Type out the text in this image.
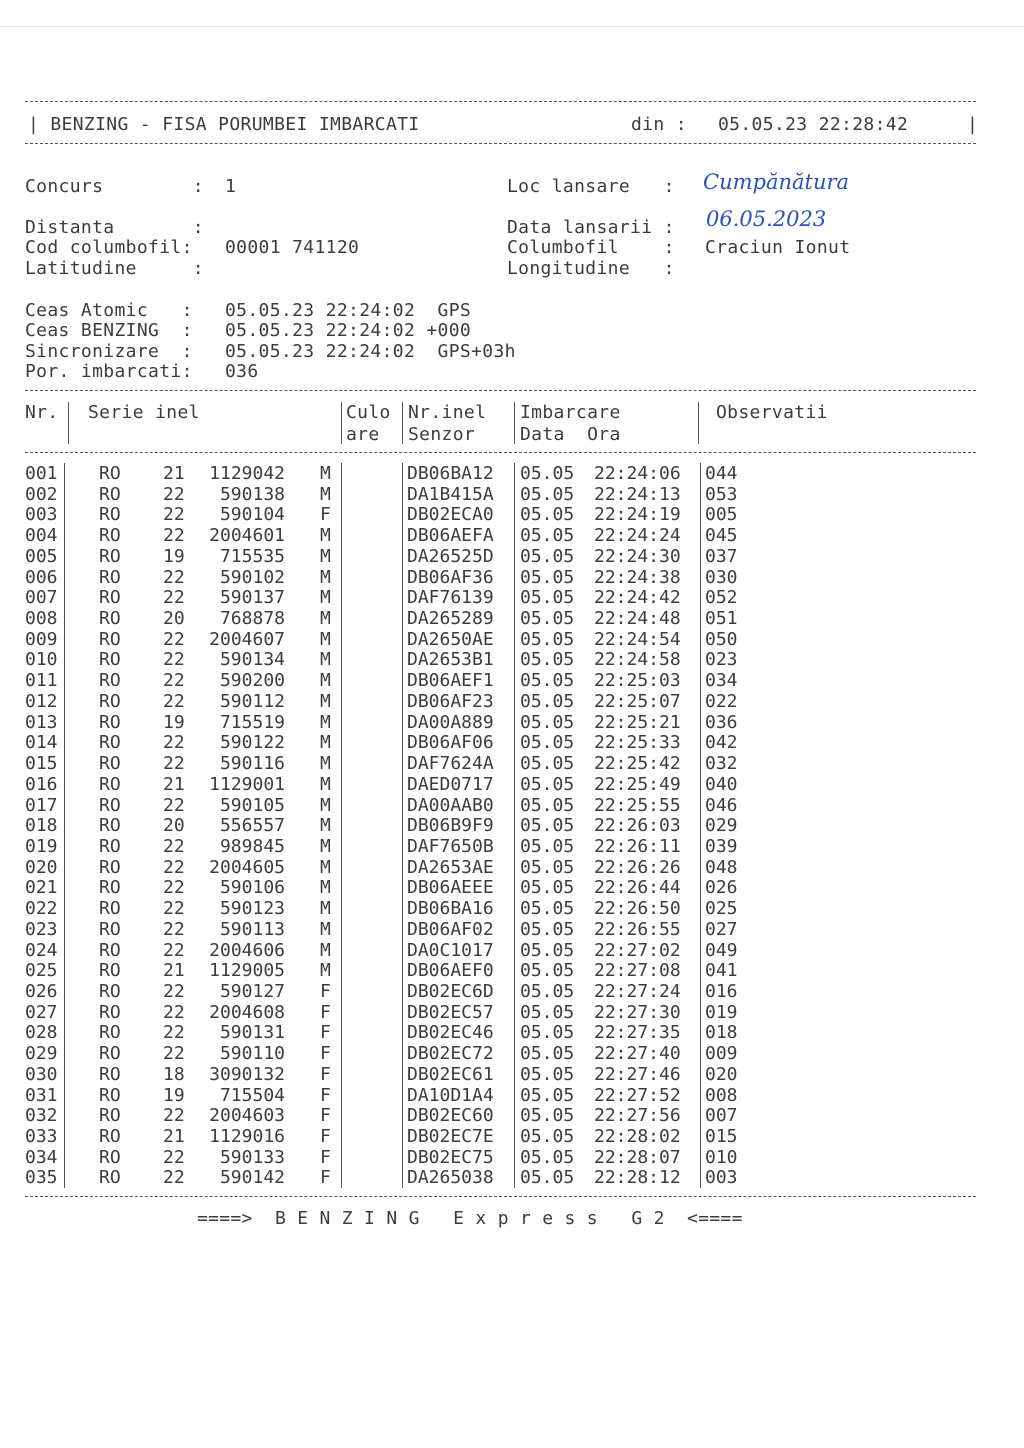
| BENZING - FISA PORUMBEI IMBARCATI	din : 05.05.23 22:28:42	|
Concurs        : 1	Loc lansare   : Cumpănătura
Distanta       :	Data lansarii : 06.05.2023
Cod columbofil: 00001 741120	Columbofil    : Craciun Ionut
Latitudine     :	Longitudine   :
Ceas Atomic   : 05.05.23 22:24:02  GPS
Ceas BENZING  : 05.05.23 22:24:02 +000
Sincronizare  : 05.05.23 22:24:02  GPS+03h
Por. imbarcati: 036
Nr. Serie inel	Culo
are
Nr.inel
Senzor
Imbarcare
Data  Ora
Observatii
001 RO 21	1129042 M	DB06BA12 05.05 22:24:06 044
002 RO 22	590138 M	DA1B415A 05.05 22:24:13 053
003 RO 22	590104 F	DB02ECA0 05.05 22:24:19 005
004 RO 22	2004601 M	DB06AEFA 05.05 22:24:24 045
005 RO 19	715535 M	DA26525D 05.05 22:24:30 037
006 RO 22	590102 M	DB06AF36 05.05 22:24:38 030
007 RO 22	590137 M	DAF76139 05.05 22:24:42 052
008 RO 20	768878 M	DA265289 05.05 22:24:48 051
009 RO 22	2004607 M	DA2650AE 05.05 22:24:54 050
010 RO 22	590134 M	DA2653B1 05.05 22:24:58 023
011 RO 22	590200 M	DB06AEF1 05.05 22:25:03 034
012 RO 22	590112 M	DB06AF23 05.05 22:25:07 022
013 RO 19	715519 M	DA00A889 05.05 22:25:21 036
014 RO 22	590122 M	DB06AF06 05.05 22:25:33 042
015 RO 22	590116 M	DAF7624A 05.05 22:25:42 032
016 RO 21	1129001 M	DAED0717 05.05 22:25:49 040
017 RO 22	590105 M	DA00AAB0 05.05 22:25:55 046
018 RO 20	556557 M	DB06B9F9 05.05 22:26:03 029
019 RO 22	989845 M	DAF7650B 05.05 22:26:11 039
020 RO 22	2004605 M	DA2653AE 05.05 22:26:26 048
021 RO 22	590106 M	DB06AEEE 05.05 22:26:44 026
022 RO 22	590123 M	DB06BA16 05.05 22:26:50 025
023 RO 22	590113 M	DB06AF02 05.05 22:26:55 027
024 RO 22	2004606 M	DA0C1017 05.05 22:27:02 049
025 RO 21	1129005 M	DB06AEF0 05.05 22:27:08 041
026 RO 22	590127 F	DB02EC6D 05.05 22:27:24 016
027 RO 22	2004608 F	DB02EC57 05.05 22:27:30 019
028 RO 22	590131 F	DB02EC46 05.05 22:27:35 018
029 RO 22	590110 F	DB02EC72 05.05 22:27:40 009
030 RO 18	3090132 F	DB02EC61 05.05 22:27:46 020
031 RO 19	715504 F	DA10D1A4 05.05 22:27:52 008
032 RO 22	2004603 F	DB02EC60 05.05 22:27:56 007
033 RO 21	1129016 F	DB02EC7E 05.05 22:28:02 015
034 RO 22	590133 F	DB02EC75 05.05 22:28:07 010
035 RO 22	590142 F	DA265038 05.05 22:28:12 003
====>  B E N Z I N G   E x p r e s s   G 2  <====
